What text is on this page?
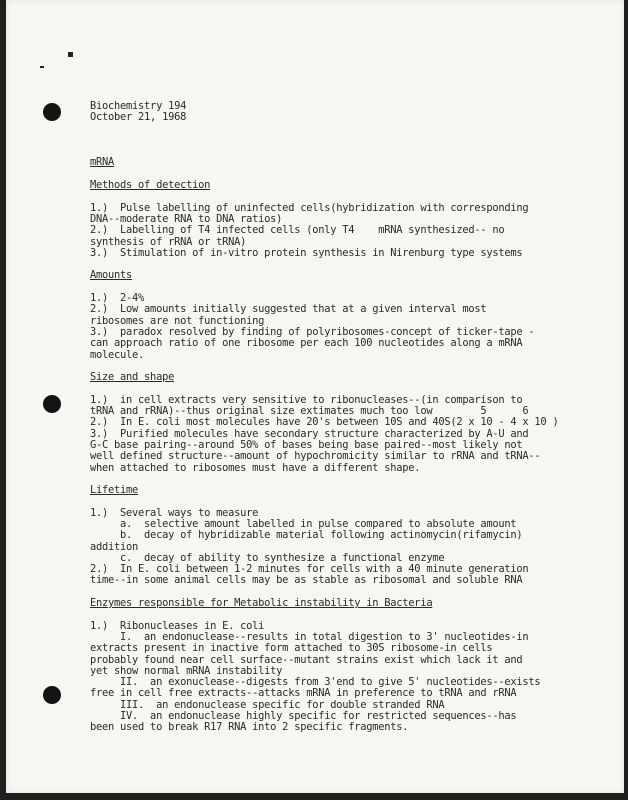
Biochemistry 194
October 21, 1968
mRNA
Methods of detection
1.)  Pulse labelling of uninfected cells(hybridization with corresponding
DNA--moderate RNA to DNA ratios)
2.)  Labelling of T4 infected cells (only T4    mRNA synthesized-- no
synthesis of rRNA or tRNA)
3.)  Stimulation of in-vitro protein synthesis in Nirenburg type systems
Amounts
1.)  2-4%
2.)  Low amounts initially suggested that at a given interval most
ribosomes are not functioning
3.)  paradox resolved by finding of polyribosomes-concept of ticker-tape -
can approach ratio of one ribosome per each 100 nucleotides along a mRNA
molecule.
Size and shape
1.)  in cell extracts very sensitive to ribonucleases--(in comparison to
tRNA and rRNA)--thus original size extimates much too low        5      6
2.)  In E. coli most molecules have 20's between 10S and 40S(2 x 10 - 4 x 10 )
3.)  Purified molecules have secondary structure characterized by A-U and
G-C base pairing--around 50% of bases being base paired--most likely not
well defined structure--amount of hypochromicity similar to rRNA and tRNA--
when attached to ribosomes must have a different shape.
Lifetime
1.)  Several ways to measure
a.  selective amount labelled in pulse compared to absolute amount
b.  decay of hybridizable material following actinomycin(rifamycin)
addition
c.  decay of ability to synthesize a functional enzyme
2.)  In E. coli between 1-2 minutes for cells with a 40 minute generation
time--in some animal cells may be as stable as ribosomal and soluble RNA
Enzymes responsible for Metabolic instability in Bacteria
1.)  Ribonucleases in E. coli
I.  an endonuclease--results in total digestion to 3' nucleotides-in
extracts present in inactive form attached to 30S ribosome-in cells
probably found near cell surface--mutant strains exist which lack it and
yet show normal mRNA instability
II.  an exonuclease--digests from 3'end to give 5' nucleotides--exists
free in cell free extracts--attacks mRNA in preference to tRNA and rRNA
III.  an endonuclease specific for double stranded RNA
IV.  an endonuclease highly specific for restricted sequences--has
been used to break R17 RNA into 2 specific fragments.
